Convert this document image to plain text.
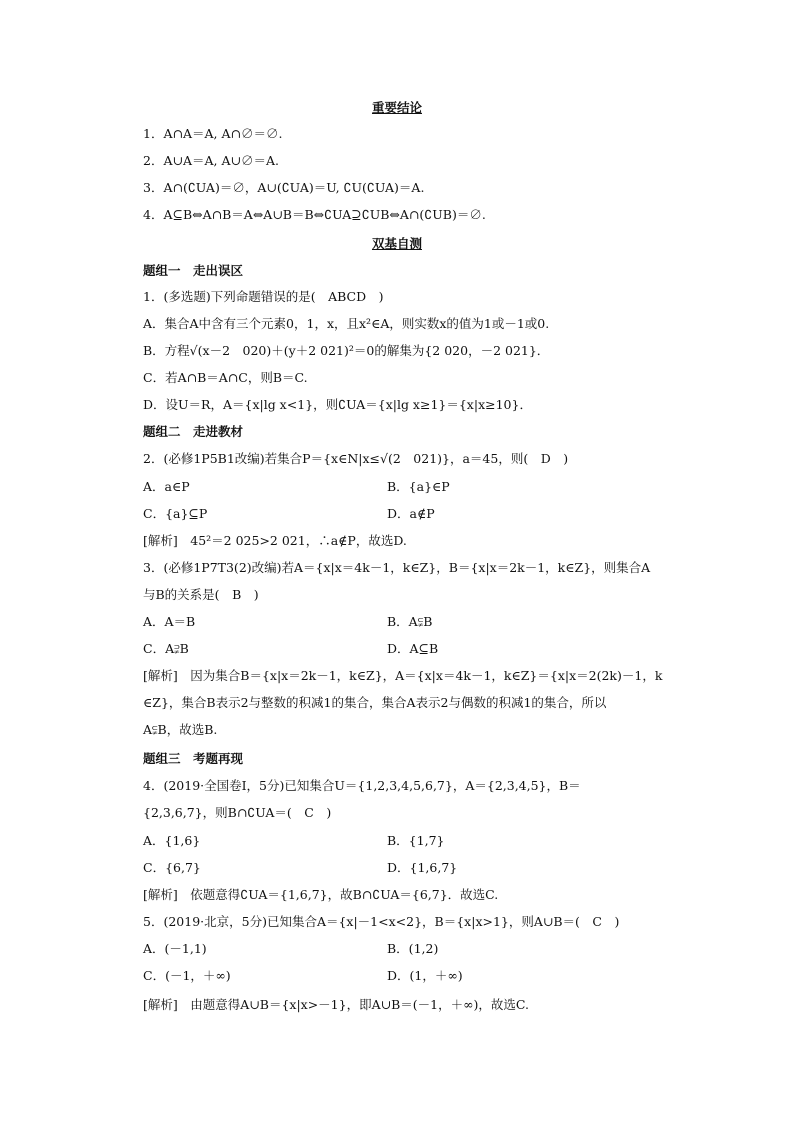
重要结论
1．A∩A＝A, A∩∅＝∅.
2．A∪A＝A, A∪∅＝A.
3．A∩(∁UA)＝∅，A∪(∁UA)＝U, ∁U(∁UA)＝A.
4．A⊆B⇔A∩B＝A⇔A∪B＝B⇔∁UA⊇∁UB⇔A∩(∁UB)＝∅.
双基自测
题组一　走出误区
1．(多选题)下列命题错误的是(　ABCD　)
A．集合A中含有三个元素0，1，x，且x²∈A，则实数x的值为1或－1或0.
B．方程√(x－2　020)＋(y＋2 021)²＝0的解集为{2 020，－2 021}．
C．若A∩B＝A∩C，则B＝C.
D．设U＝R，A＝{x|lg x<1}，则∁UA＝{x|lg x≥1}＝{x|x≥10}．
题组二　走进教材
2．(必修1P5B1改编)若集合P＝{x∈N|x≤√(2　021)}，a＝45，则(　D　)
A．a∈P	B．{a}∈P
C．{a}⊆P	D．a∉P
[解析]　45²＝2 025>2 021，∴a∉P，故选D.
3．(必修1P7T3(2)改编)若A＝{x|x＝4k－1，k∈Z}，B＝{x|x＝2k－1，k∈Z}，则集合A
与B的关系是(　B　)
A．A＝B	B．A⫋B
C．A⫌B	D．A⊆B
[解析]　因为集合B＝{x|x＝2k－1，k∈Z}，A＝{x|x＝4k－1，k∈Z}＝{x|x＝2(2k)－1，k
∈Z}，集合B表示2与整数的积减1的集合，集合A表示2与偶数的积减1的集合，所以
A⫋B，故选B.
题组三　考题再现
4．(2019·全国卷Ⅰ，5分)已知集合U＝{1,2,3,4,5,6,7}，A＝{2,3,4,5}，B＝
{2,3,6,7}，则B∩∁UA＝(　C　)
A．{1,6}	B．{1,7}
C．{6,7}	D．{1,6,7}
[解析]　依题意得∁UA＝{1,6,7}，故B∩∁UA＝{6,7}．故选C.
5．(2019·北京，5分)已知集合A＝{x|－1<x<2}，B＝{x|x>1}，则A∪B＝(　C　)
A．(－1,1)	B．(1,2)
C．(－1，＋∞)	D．(1，＋∞)
[解析]　由题意得A∪B＝{x|x>－1}，即A∪B＝(－1，＋∞)，故选C.
